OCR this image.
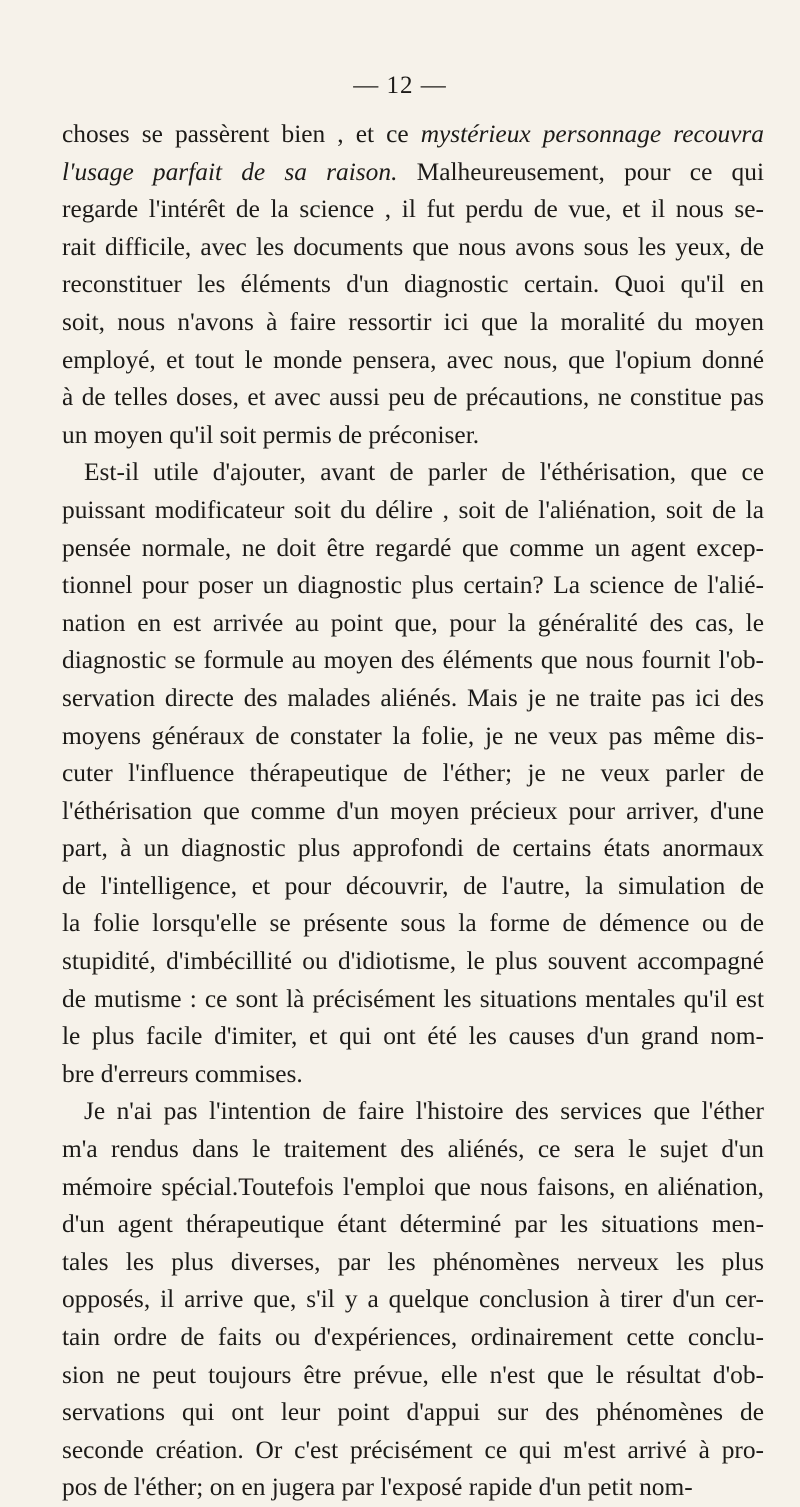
— 12 —
choses se passèrent bien , et ce mystérieux personnage recouvra
l'usage parfait de sa raison. Malheureusement, pour ce qui
regarde l'intérêt de la science , il fut perdu de vue, et il nous se-
rait difficile, avec les documents que nous avons sous les yeux, de
reconstituer les éléments d'un diagnostic certain. Quoi qu'il en
soit, nous n'avons à faire ressortir ici que la moralité du moyen
employé, et tout le monde pensera, avec nous, que l'opium donné
à de telles doses, et avec aussi peu de précautions, ne constitue pas
un moyen qu'il soit permis de préconiser.
Est-il utile d'ajouter, avant de parler de l'éthérisation, que ce
puissant modificateur soit du délire , soit de l'aliénation, soit de la
pensée normale, ne doit être regardé que comme un agent excep-
tionnel pour poser un diagnostic plus certain? La science de l'alié-
nation en est arrivée au point que, pour la généralité des cas, le
diagnostic se formule au moyen des éléments que nous fournit l'ob-
servation directe des malades aliénés. Mais je ne traite pas ici des
moyens généraux de constater la folie, je ne veux pas même dis-
cuter l'influence thérapeutique de l'éther; je ne veux parler de
l'éthérisation que comme d'un moyen précieux pour arriver, d'une
part, à un diagnostic plus approfondi de certains états anormaux
de l'intelligence, et pour découvrir, de l'autre, la simulation de
la folie lorsqu'elle se présente sous la forme de démence ou de
stupidité, d'imbécillité ou d'idiotisme, le plus souvent accompagné
de mutisme : ce sont là précisément les situations mentales qu'il est
le plus facile d'imiter, et qui ont été les causes d'un grand nom-
bre d'erreurs commises.
Je n'ai pas l'intention de faire l'histoire des services que l'éther
m'a rendus dans le traitement des aliénés, ce sera le sujet d'un
mémoire spécial.Toutefois l'emploi que nous faisons, en aliénation,
d'un agent thérapeutique étant déterminé par les situations men-
tales les plus diverses, par les phénomènes nerveux les plus
opposés, il arrive que, s'il y a quelque conclusion à tirer d'un cer-
tain ordre de faits ou d'expériences, ordinairement cette conclu-
sion ne peut toujours être prévue, elle n'est que le résultat d'ob-
servations qui ont leur point d'appui sur des phénomènes de
seconde création. Or c'est précisément ce qui m'est arrivé à pro-
pos de l'éther; on en jugera par l'exposé rapide d'un petit nom-
